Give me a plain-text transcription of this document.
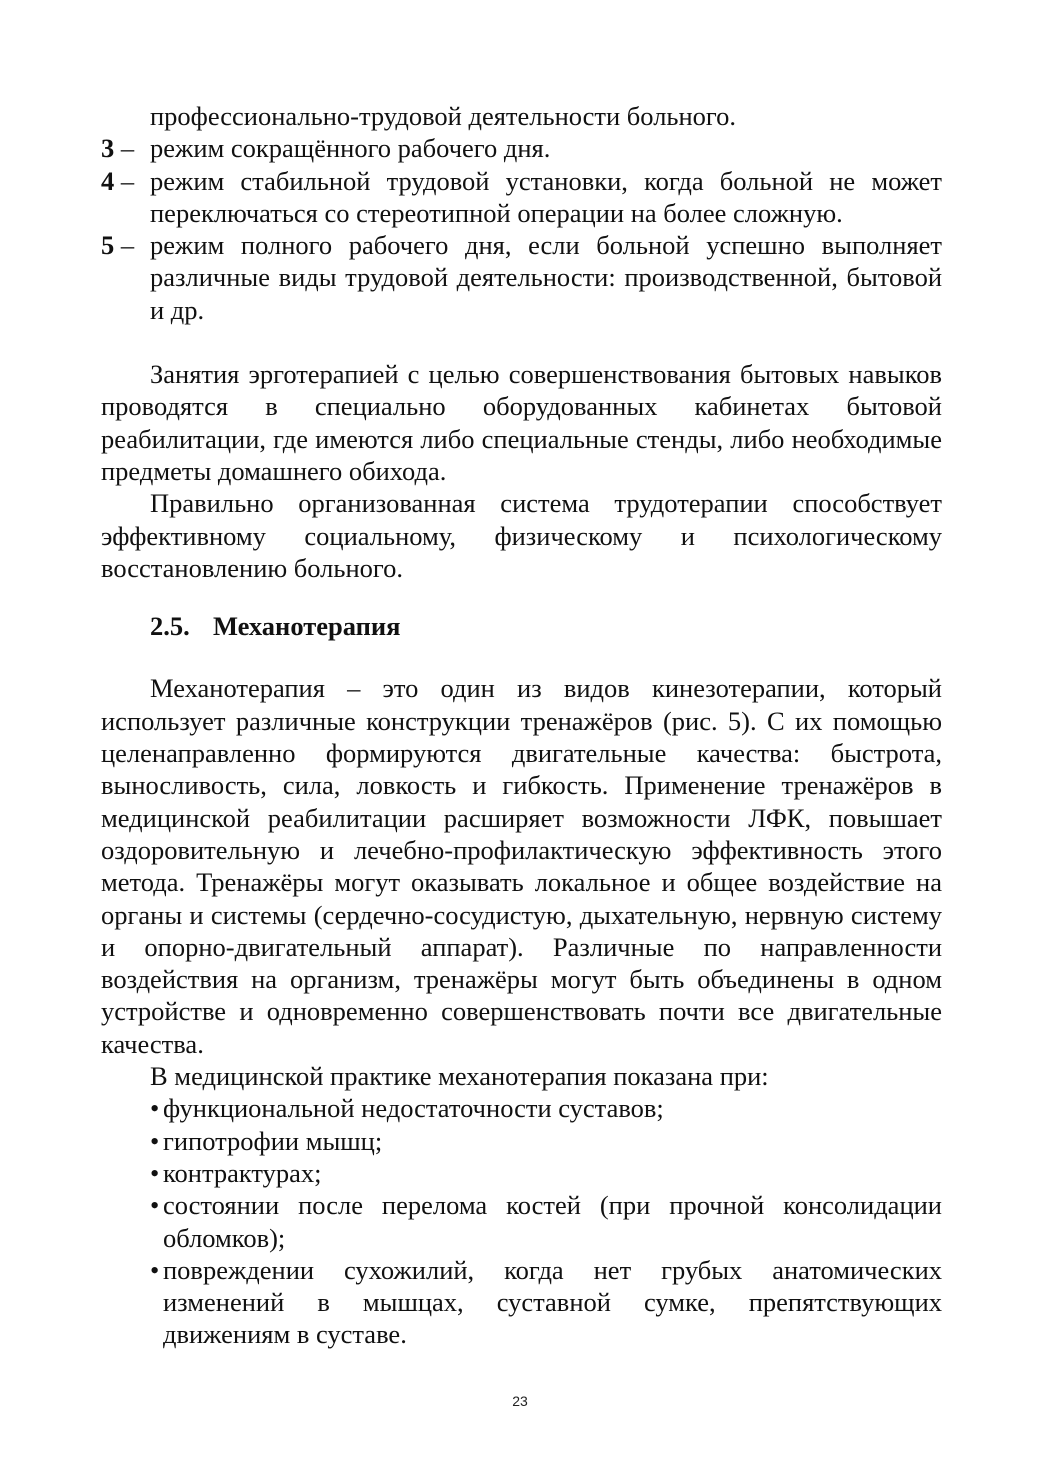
профессионально-трудовой деятельности больного.
3 – режим сокращённого рабочего дня.
4 – режим стабильной трудовой установки, когда больной не может переключаться со стереотипной операции на более сложную.
5 – режим полного рабочего дня, если больной успешно выполняет различные виды трудовой деятельности: производственной, бытовой и др.

Занятия эрготерапией с целью совершенствования бытовых навыков проводятся в специально оборудованных кабинетах бытовой реабилитации, где имеются либо специальные стенды, либо необходимые предметы домашнего обихода.

Правильно организованная система трудотерапии способствует эффективному социальному, физическому и психологическому восстановлению больного.

2.5. Механотерапия

Механотерапия – это один из видов кинезотерапии, который использует различные конструкции тренажёров (рис. 5). С их помощью целенаправленно формируются двигательные качества: быстрота, выносливость, сила, ловкость и гибкость. Применение тренажёров в медицинской реабилитации расширяет возможности ЛФК, повышает оздоровительную и лечебно-профилактическую эффективность этого метода. Тренажёры могут оказывать локальное и общее воздействие на органы и системы (сердечно-сосудистую, дыхательную, нервную систему и опорно-двигательный аппарат). Различные по направленности воздействия на организм, тренажёры могут быть объединены в одном устройстве и одновременно совершенствовать почти все двигательные качества.

В медицинской практике механотерапия показана при:

• функциональной недостаточности суставов;
• гипотрофии мышц;
• контрактурах;
• состоянии после перелома костей (при прочной консолидации обломков);
• повреждении сухожилий, когда нет грубых анатомических изменений в мышцах, суставной сумке, препятствующих движениям в суставе.
23
